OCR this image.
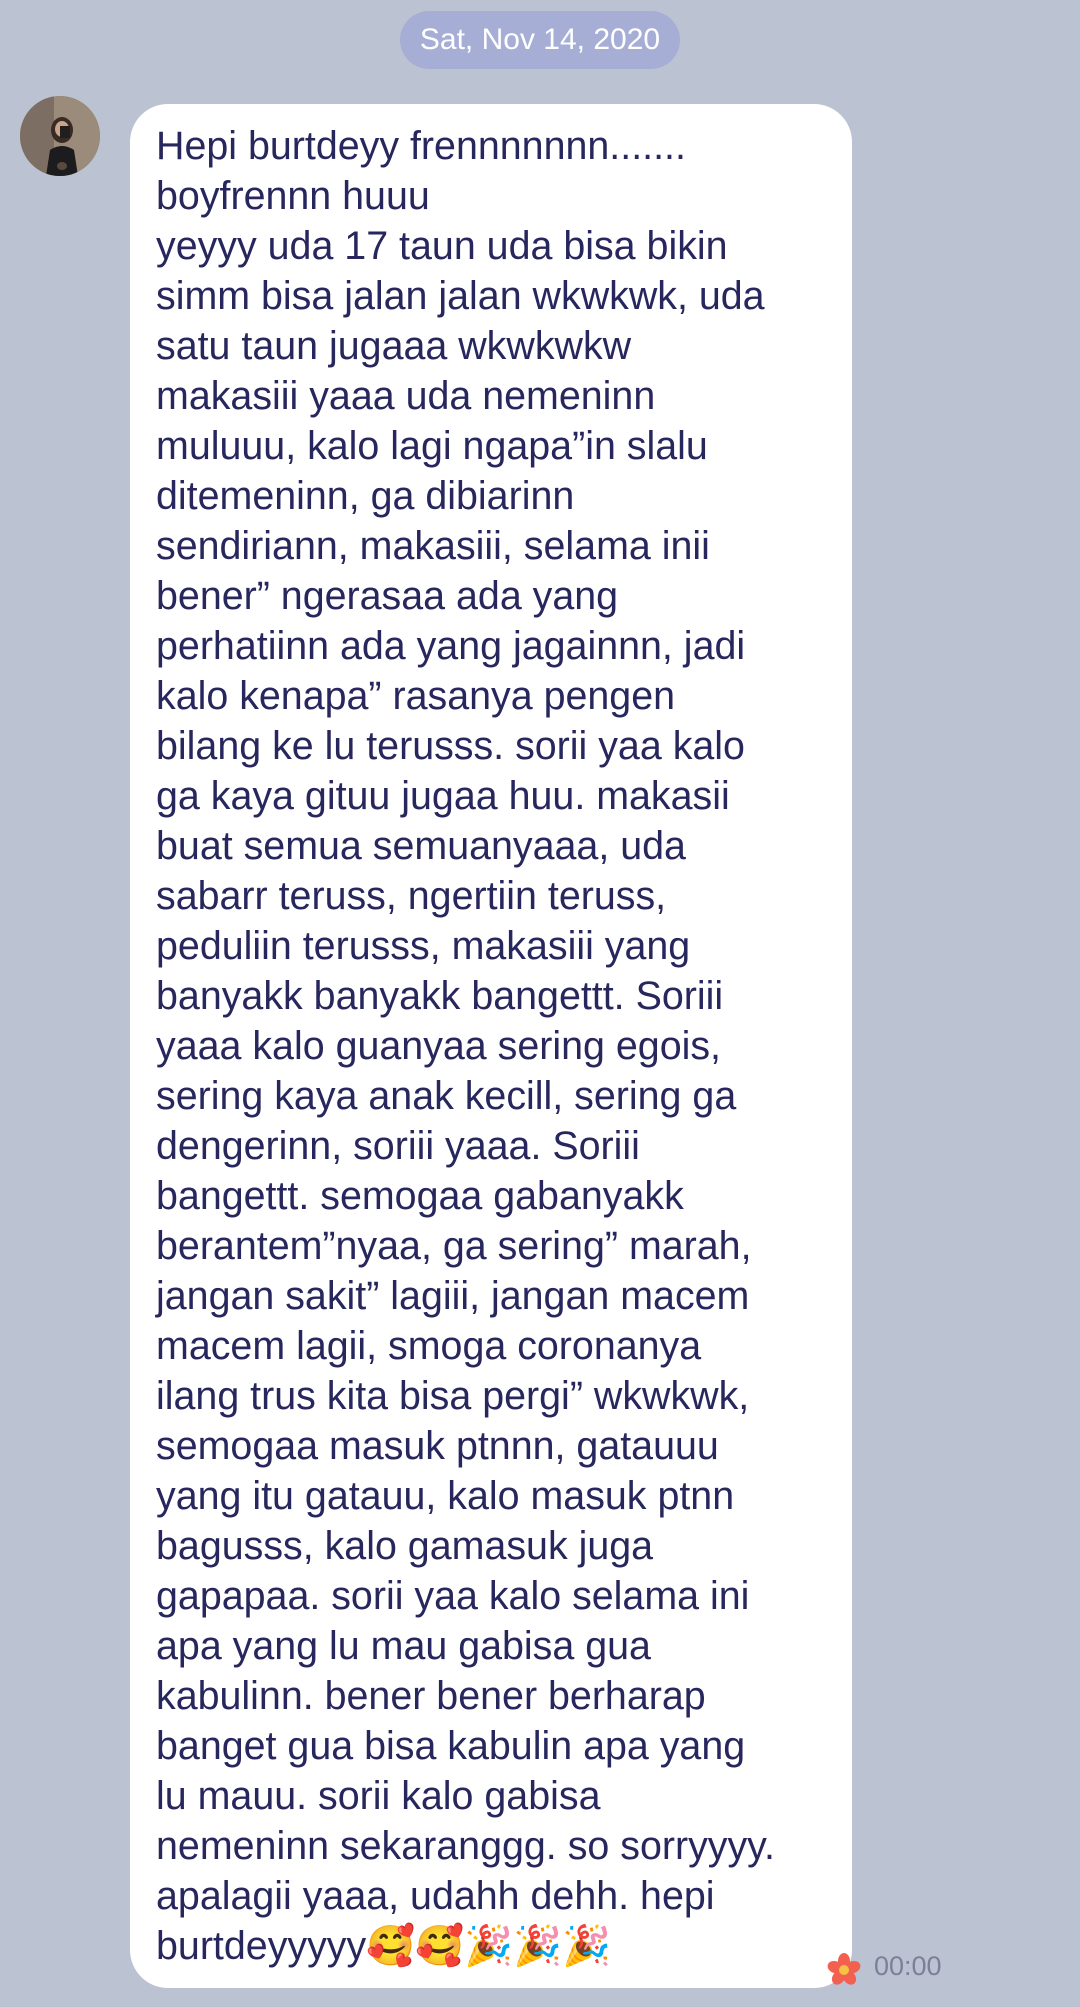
Sat, Nov 14, 2020

Hepi burtdeyy frennnnnnn.......
boyfrennn huuu
yeyyy uda 17 taun uda bisa bikin
simm bisa jalan jalan wkwkwk, uda
satu taun jugaaa wkwkwkw
makasiii yaaa uda nemeninn
muluuu, kalo lagi ngapa”in slalu
ditemeninn, ga dibiarinn
sendiriann, makasiii, selama inii
bener” ngerasaa ada yang
perhatiinn ada yang jagainnn, jadi
kalo kenapa” rasanya pengen
bilang ke lu terusss. sorii yaa kalo
ga kaya gituu jugaa huu. makasii
buat semua semuanyaaa, uda
sabarr teruss, ngertiin teruss,
peduliin terusss, makasiii yang
banyakk banyakk bangettt. Soriii
yaaa kalo guanyaa sering egois,
sering kaya anak kecill, sering ga
dengerinn, soriii yaaa. Soriii
bangettt. semogaa gabanyakk
berantem”nyaa, ga sering” marah,
jangan sakit” lagiii, jangan macem
macem lagii, smoga coronanya
ilang trus kita bisa pergi” wkwkwk,
semogaa masuk ptnnn, gatauuu
yang itu gatauu, kalo masuk ptnn
bagusss, kalo gamasuk juga
gapapaa. sorii yaa kalo selama ini
apa yang lu mau gabisa gua
kabulinn. bener bener berharap
banget gua bisa kabulin apa yang
lu mauu. sorii kalo gabisa
nemeninn sekaranggg. so sorryyyy.
apalagii yaaa, udahh dehh. hepi
burtdeyyyyy🥰🥰🎉🎉🎉	00:00
